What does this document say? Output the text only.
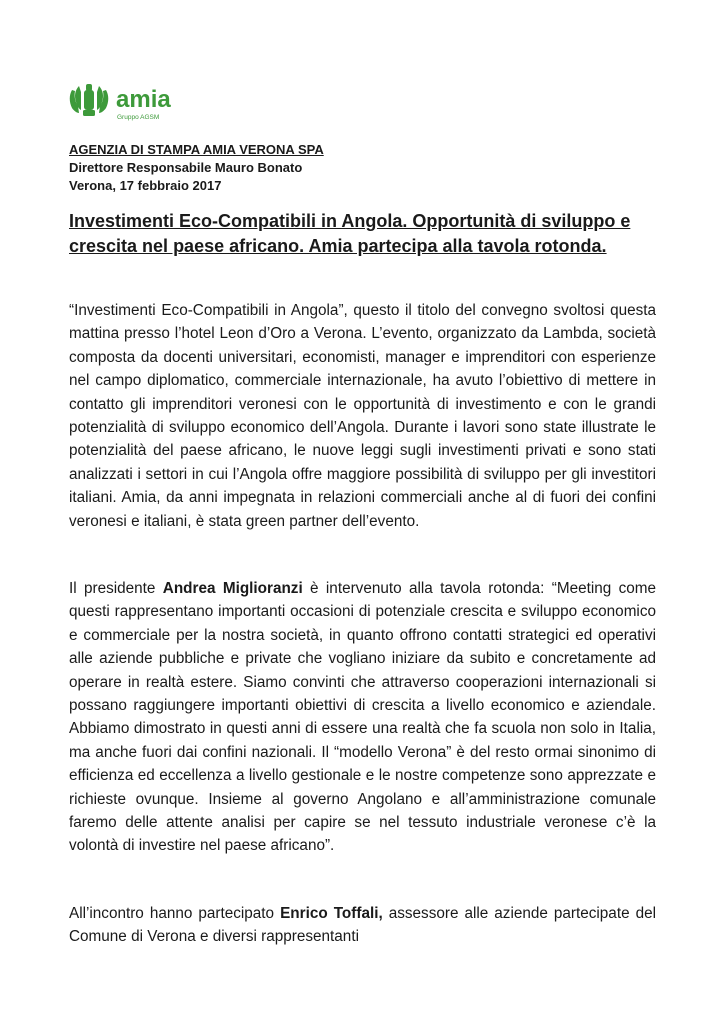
amia
Gruppo AGSM
AGENZIA DI STAMPA AMIA VERONA SPA
Direttore Responsabile Mauro Bonato
Verona, 17 febbraio 2017
Investimenti Eco-Compatibili in Angola. Opportunità di sviluppo e crescita nel paese africano. Amia partecipa alla tavola rotonda.

“Investimenti Eco-Compatibili in Angola”, questo il titolo del convegno svoltosi questa mattina presso l’hotel Leon d’Oro a Verona. L’evento, organizzato da Lambda, società composta da docenti universitari, economisti, manager e imprenditori con esperienze nel campo diplomatico, commerciale internazionale, ha avuto l’obiettivo di mettere in contatto gli imprenditori veronesi con le opportunità di investimento e con le grandi potenzialità di sviluppo economico dell’Angola. Durante i lavori sono state illustrate le potenzialità del paese africano, le nuove leggi sugli investimenti privati e sono stati analizzati i settori in cui l’Angola offre maggiore possibilità di sviluppo per gli investitori italiani. Amia, da anni impegnata in relazioni commerciali anche al di fuori dei confini veronesi e italiani, è stata green partner dell’evento.

Il presidente Andrea Miglioranzi è intervenuto alla tavola rotonda: “Meeting come questi rappresentano importanti occasioni di potenziale crescita e sviluppo economico e commerciale per la nostra società, in quanto offrono contatti strategici ed operativi alle aziende pubbliche e private che vogliano iniziare da subito e concretamente ad operare in realtà estere. Siamo convinti che attraverso cooperazioni internazionali si possano raggiungere importanti obiettivi di crescita a livello economico e aziendale. Abbiamo dimostrato in questi anni di essere una realtà che fa scuola non solo in Italia, ma anche fuori dai confini nazionali. Il “modello Verona” è del resto ormai sinonimo di efficienza ed eccellenza a livello gestionale e le nostre competenze sono apprezzate e richieste ovunque. Insieme al governo Angolano e all’amministrazione comunale faremo delle attente analisi per capire se nel tessuto industriale veronese c’è la volontà di investire nel paese africano”.

All’incontro hanno partecipato Enrico Toffali, assessore alle aziende partecipate del Comune di Verona e diversi rappresentanti
